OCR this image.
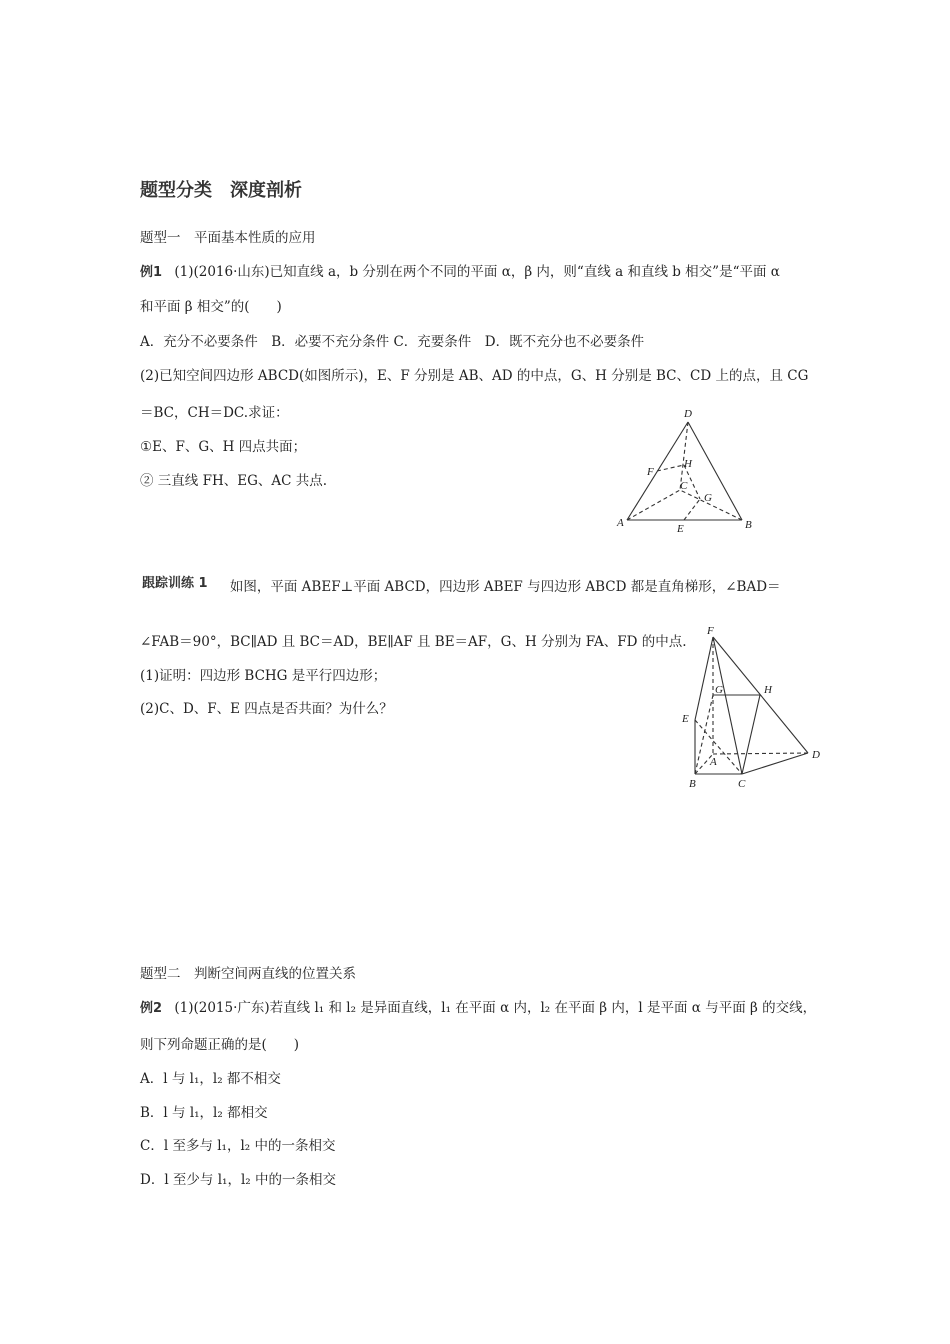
题型分类　深度剖析
题型一　平面基本性质的应用
例1 (1)(2016·山东)已知直线 a，b 分别在两个不同的平面 α，β 内，则“直线 a 和直线 b 相交”是“平面 α
和平面 β 相交”的(　　)
A．充分不必要条件　B．必要不充分条件 C．充要条件　D．既不充分也不必要条件
(2)已知空间四边形 ABCD(如图所示)，E、F 分别是 AB、AD 的中点，G、H 分别是 BC、CD 上的点，且 CG
＝BC，CH＝DC.求证：
①E、F、G、H 四点共面；
② 三直线 FH、EG、AC 共点.
D
A	B
C
E
F
G
H
跟踪训练 1 如图，平面 ABEF⊥平面 ABCD，四边形 ABEF 与四边形 ABCD 都是直角梯形，∠BAD＝
∠FAB＝90°，BC∥AD 且 BC＝AD，BE∥AF 且 BE＝AF，G、H 分别为 FA、FD 的中点.
(1)证明：四边形 BCHG 是平行四边形；
(2)C、D、F、E 四点是否共面？为什么？
F
G	H
E
A
D
B	C
题型二　判断空间两直线的位置关系
例2 (1)(2015·广东)若直线 l₁ 和 l₂ 是异面直线，l₁ 在平面 α 内，l₂ 在平面 β 内，l 是平面 α 与平面 β 的交线，
则下列命题正确的是(　　)
A．l 与 l₁，l₂ 都不相交
B．l 与 l₁，l₂ 都相交
C．l 至多与 l₁，l₂ 中的一条相交
D．l 至少与 l₁，l₂ 中的一条相交
